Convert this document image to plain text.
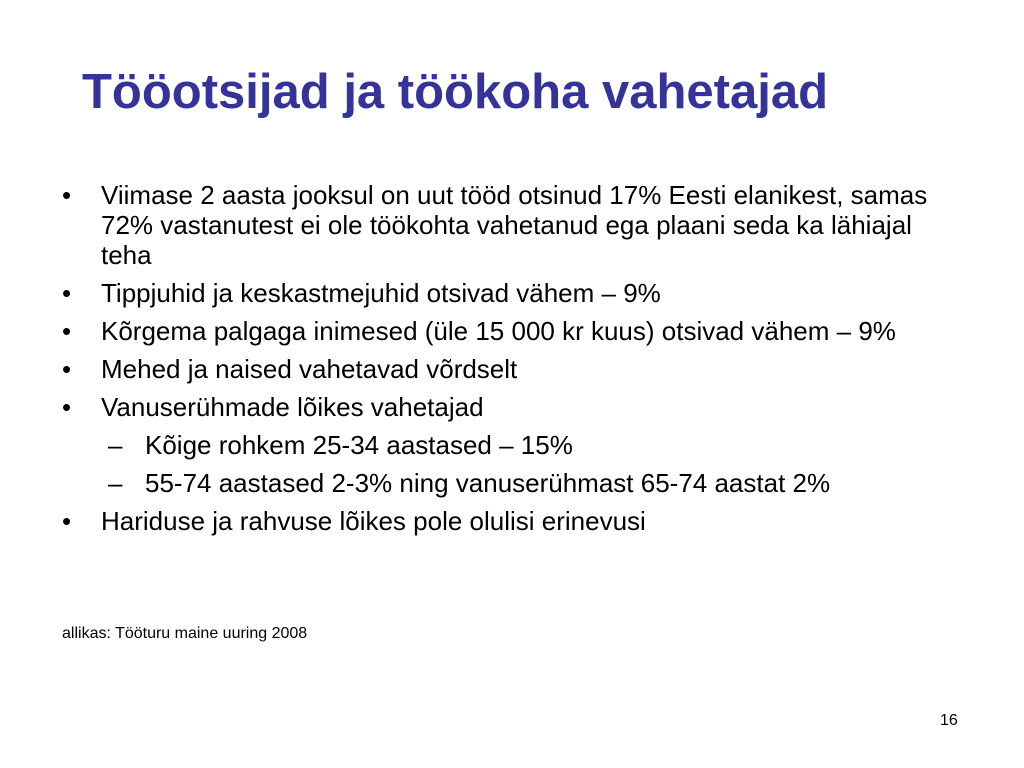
Tööotsijad ja töökoha vahetajad
• Viimase 2 aasta jooksul on uut tööd otsinud 17% Eesti elanikest, samas 72% vastanutest ei ole töökohta vahetanud ega plaani seda ka lähiajal teha
• Tippjuhid ja keskastmejuhid otsivad vähem – 9%
• Kõrgema palgaga inimesed (üle 15 000 kr kuus) otsivad vähem – 9%
• Mehed ja naised vahetavad võrdselt
• Vanuserühmade lõikes vahetajad
– Kõige rohkem 25-34 aastased – 15%
– 55-74 aastased 2-3% ning vanuserühmast 65-74 aastat 2%
• Hariduse ja rahvuse lõikes pole olulisi erinevusi
allikas: Tööturu maine uuring 2008
16
